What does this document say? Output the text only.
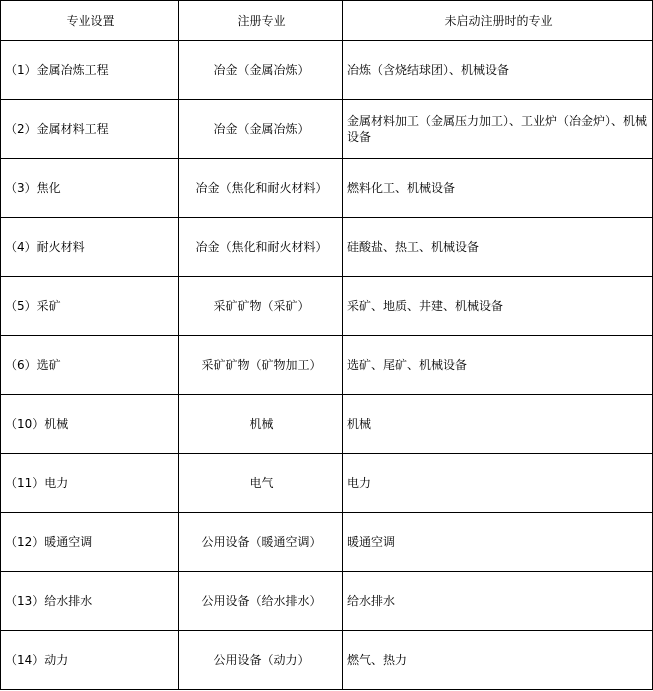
专业设置	注册专业	未启动注册时的专业
（1）金属冶炼工程	冶金（金属冶炼）	冶炼（含烧结球团）、机械设备
（2）金属材料工程	冶金（金属冶炼）	金属材料加工（金属压力加工）、工业炉（冶金炉）、机械设备
（3）焦化	冶金（焦化和耐火材料）	燃料化工、机械设备
（4）耐火材料	冶金（焦化和耐火材料）	硅酸盐、热工、机械设备
（5）采矿	采矿矿物（采矿）	采矿、地质、井建、机械设备
（6）选矿	采矿矿物（矿物加工）	选矿、尾矿、机械设备
（10）机械	机械	机械
（11）电力	电气	电力
（12）暖通空调	公用设备（暖通空调）	暖通空调
（13）给水排水	公用设备（给水排水）	给水排水
（14）动力	公用设备（动力）	燃气、热力
